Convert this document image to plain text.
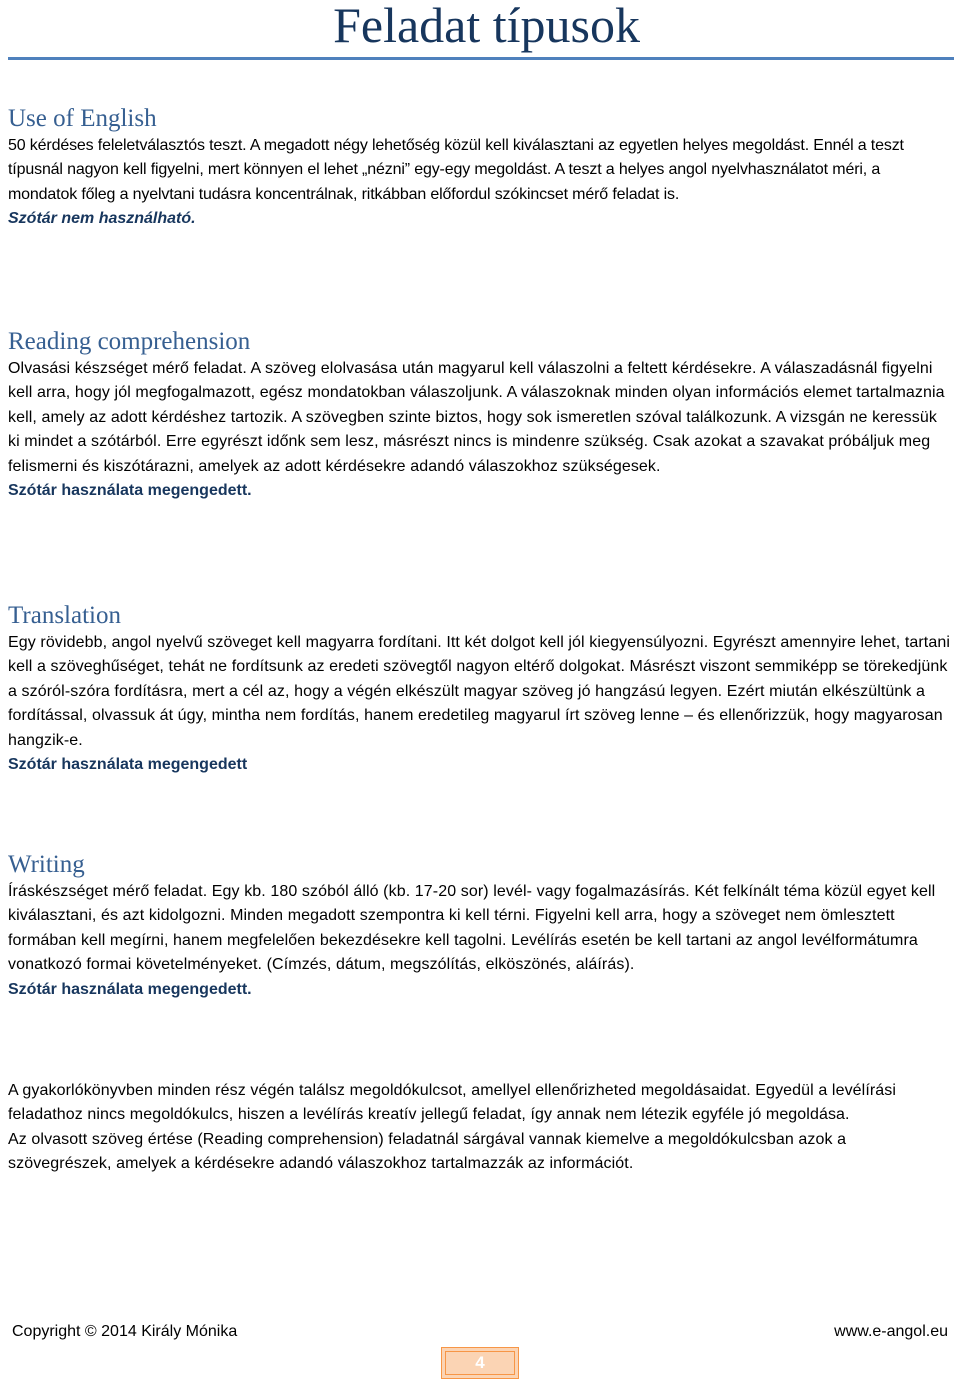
Feladat típusok
Use of English

50 kérdéses feleletválasztós teszt. A megadott négy lehetőség közül kell kiválasztani az egyetlen helyes megoldást. Ennél a teszt típusnál nagyon kell figyelni, mert könnyen el lehet „nézni” egy-egy megoldást. A teszt a helyes angol nyelvhasználatot méri, a mondatok főleg a nyelvtani tudásra koncentrálnak, ritkábban előfordul szókincset mérő feladat is.

Szótár nem használható.

Reading comprehension

Olvasási készséget mérő feladat. A szöveg elolvasása után magyarul kell válaszolni a feltett kérdésekre. A válaszadásnál figyelni kell arra, hogy jól megfogalmazott, egész mondatokban válaszoljunk. A válaszoknak minden olyan információs elemet tartalmaznia kell, amely az adott kérdéshez tartozik. A szövegben szinte biztos, hogy sok ismeretlen szóval találkozunk. A vizsgán ne keressük ki mindet a szótárból. Erre egyrészt időnk sem lesz, másrészt nincs is mindenre szükség. Csak azokat a szavakat próbáljuk meg felismerni és kiszótárazni, amelyek az adott kérdésekre adandó válaszokhoz szükségesek.

Szótár használata megengedett.

Translation

Egy rövidebb, angol nyelvű szöveget kell magyarra fordítani. Itt két dolgot kell jól kiegyensúlyozni. Egyrészt amennyire lehet, tartani kell a szöveghűséget, tehát ne fordítsunk az eredeti szövegtől nagyon eltérő dolgokat. Másrészt viszont semmiképp se törekedjünk a szóról-szóra fordításra, mert a cél az, hogy a végén elkészült magyar szöveg jó hangzású legyen. Ezért miután elkészültünk a fordítással, olvassuk át úgy, mintha nem fordítás, hanem eredetileg magyarul írt szöveg lenne – és ellenőrizzük, hogy magyarosan hangzik-e.

Szótár használata megengedett

Writing

Íráskészséget mérő feladat. Egy kb. 180 szóból álló (kb. 17-20 sor) levél- vagy fogalmazásírás. Két felkínált téma közül egyet kell kiválasztani, és azt kidolgozni. Minden megadott szempontra ki kell térni. Figyelni kell arra, hogy a szöveget nem ömlesztett formában kell megírni, hanem megfelelően bekezdésekre kell tagolni. Levélírás esetén be kell tartani az angol levélformátumra vonatkozó formai követelményeket. (Címzés, dátum, megszólítás, elköszönés, aláírás).

Szótár használata megengedett.

A gyakorlókönyvben minden rész végén találsz megoldókulcsot, amellyel ellenőrizheted megoldásaidat. Egyedül a levélírási feladathoz nincs megoldókulcs, hiszen a levélírás kreatív jellegű feladat, így annak nem létezik egyféle jó megoldása.

Az olvasott szöveg értése (Reading comprehension) feladatnál sárgával vannak kiemelve a megoldókulcsban azok a szövegrészek, amelyek a kérdésekre adandó válaszokhoz tartalmazzák az információt.

Copyright © 2014 Király Mónika	www.e-angol.eu
4
